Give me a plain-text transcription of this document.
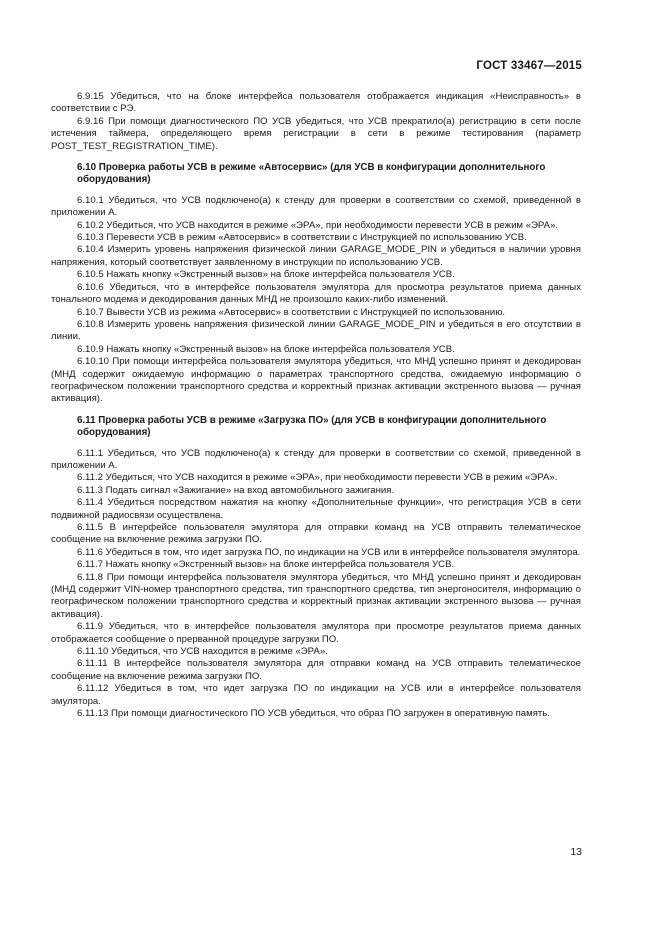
ГОСТ 33467—2015

6.9.15 Убедиться, что на блоке интерфейса пользователя отображается индикация «Неисправность» в соответствии с РЭ.

6.9.16 При помощи диагностического ПО УСВ убедиться, что УСВ прекратило(а) регистрацию в сети после истечения таймера, определяющего время регистрации в сети в режиме тестирования (параметр POST_TEST_REGISTRATION_TIME).

6.10 Проверка работы УСВ в режиме «Автосервис» (для УСВ в конфигурации дополнительного оборудования)

6.10.1 Убедиться, что УСВ подключено(а) к стенду для проверки в соответствии со схемой, приведенной в приложении А.

6.10.2 Убедиться, что УСВ находится в режиме «ЭРА», при необходимости перевести УСВ в режим «ЭРА».

6.10.3 Перевести УСВ в режим «Автосервис» в соответствии с Инструкцией по использованию УСВ.

6.10.4 Измерить уровень напряжения физической линии GARAGE_MODE_PIN и убедиться в наличии уровня напряжения, который соответствует заявленному в инструкции по использованию УСВ.

6.10.5 Нажать кнопку «Экстренный вызов» на блоке интерфейса пользователя УСВ.

6.10.6 Убедиться, что в интерфейсе пользователя эмулятора для просмотра результатов приема данных тонального модема и декодирования данных МНД не произошло каких-либо изменений.

6.10.7 Вывести УСВ из режима «Автосервис» в соответствии с Инструкцией по использованию.

6.10.8 Измерить уровень напряжения физической линии GARAGE_MODE_PIN и убедиться в его отсутствии в линии.

6.10.9 Нажать кнопку «Экстренный вызов» на блоке интерфейса пользователя УСВ.

6.10.10 При помощи интерфейса пользователя эмулятора убедиться, что МНД успешно принят и декодирован (МНД содержит ожидаемую информацию о параметрах транспортного средства, ожидаемую информацию о географическом положении транспортного средства и корректный признак активации экстренного вызова — ручная активация).

6.11 Проверка работы УСВ в режиме «Загрузка ПО» (для УСВ в конфигурации дополнительного оборудования)

6.11.1 Убедиться, что УСВ подключено(а) к стенду для проверки в соответствии со схемой, приведенной в приложении А.

6.11.2 Убедиться, что УСВ находится в режиме «ЭРА», при необходимости перевести УСВ в режим «ЭРА».

6.11.3 Подать сигнал «Зажигание» на вход автомобильного зажигания.

6.11.4 Убедиться посредством нажатия на кнопку «Дополнительные функции», что регистрация УСВ в сети подвижной радиосвязи осуществлена.

6.11.5 В интерфейсе пользователя эмулятора для отправки команд на УСВ отправить телематическое сообщение на включение режима загрузки ПО.

6.11.6 Убедиться в том, что идет загрузка ПО, по индикации на УСВ или в интерфейсе пользователя эмулятора.

6.11.7 Нажать кнопку «Экстренный вызов» на блоке интерфейса пользователя УСВ.

6.11.8 При помощи интерфейса пользователя эмулятора убедиться, что МНД успешно принят и декодирован (МНД содержит VIN-номер транспортного средства, тип транспортного средства, тип энергоносителя, информацию о географическом положении транспортного средства и корректный признак активации экстренного вызова — ручная активация).

6.11.9 Убедиться, что в интерфейсе пользователя эмулятора при просмотре результатов приема данных отображается сообщение о прерванной процедуре загрузки ПО.

6.11.10 Убедиться, что УСВ находится в режиме «ЭРА».

6.11.11 В интерфейсе пользователя эмулятора для отправки команд на УСВ отправить телематическое сообщение на включение режима загрузки ПО.

6.11.12 Убедиться в том, что идет загрузка ПО по индикации на УСВ или в интерфейсе пользователя эмулятора.

6.11.13 При помощи диагностического ПО УСВ убедиться, что образ ПО загружен в оперативную память.

13
